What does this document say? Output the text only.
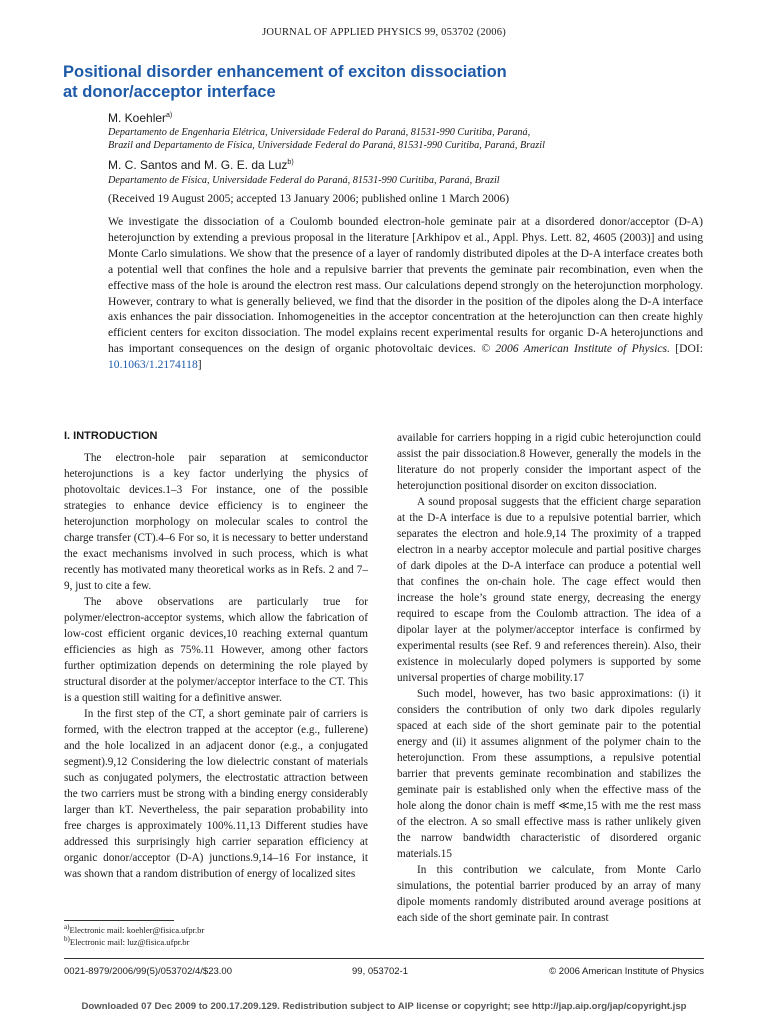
JOURNAL OF APPLIED PHYSICS 99, 053702 (2006)
Positional disorder enhancement of exciton dissociation
at donor/acceptor interface
M. Koehler$^{a)}$
Departamento de Engenharia Elétrica, Universidade Federal do Paraná, 81531-990 Curitiba, Paraná,
Brazil and Departamento de Física, Universidade Federal do Paraná, 81531-990 Curitiba, Paraná, Brazil
M. C. Santos and M. G. E. da Luz$^{b)}$
Departamento de Física, Universidade Federal do Paraná, 81531-990 Curitiba, Paraná, Brazil
(Received 19 August 2005; accepted 13 January 2006; published online 1 March 2006)
We investigate the dissociation of a Coulomb bounded electron-hole geminate pair at a disordered donor/acceptor (D-A) heterojunction by extending a previous proposal in the literature [Arkhipov et al., Appl. Phys. Lett. 82, 4605 (2003)] and using Monte Carlo simulations. We show that the presence of a layer of randomly distributed dipoles at the D-A interface creates both a potential well that confines the hole and a repulsive barrier that prevents the geminate pair recombination, even when the effective mass of the hole is around the electron rest mass. Our calculations depend strongly on the heterojunction morphology. However, contrary to what is generally believed, we find that the disorder in the position of the dipoles along the D-A interface axis enhances the pair dissociation. Inhomogeneities in the acceptor concentration at the heterojunction can then create highly efficient centers for exciton dissociation. The model explains recent experimental results for organic D-A heterojunctions and has important consequences on the design of organic photovoltaic devices. © 2006 American Institute of Physics. [DOI: 10.1063/1.2174118]
I. INTRODUCTION

The electron-hole pair separation at semiconductor heterojunctions is a key factor underlying the physics of photovoltaic devices.1–3 For instance, one of the possible strategies to enhance device efficiency is to engineer the heterojunction morphology on molecular scales to control the charge transfer (CT).4–6 For so, it is necessary to better understand the exact mechanisms involved in such process, which is what recently has motivated many theoretical works as in Refs. 2 and 7–9, just to cite a few.

The above observations are particularly true for polymer/electron-acceptor systems, which allow the fabrication of low-cost efficient organic devices,10 reaching external quantum efficiencies as high as 75%.11 However, among other factors further optimization depends on determining the role played by structural disorder at the polymer/acceptor interface to the CT. This is a question still waiting for a definitive answer.

In the first step of the CT, a short geminate pair of carriers is formed, with the electron trapped at the acceptor (e.g., fullerene) and the hole localized in an adjacent donor (e.g., a conjugated segment).9,12 Considering the low dielectric constant of materials such as conjugated polymers, the electrostatic attraction between the two carriers must be strong with a binding energy considerably larger than kT. Nevertheless, the pair separation probability into free charges is approximately 100%.11,13 Different studies have addressed this surprisingly high carrier separation efficiency at organic donor/acceptor (D-A) junctions.9,14–16 For instance, it was shown that a random distribution of energy of localized sites

available for carriers hopping in a rigid cubic heterojunction could assist the pair dissociation.8 However, generally the models in the literature do not properly consider the important aspect of the heterojunction positional disorder on exciton dissociation.

A sound proposal suggests that the efficient charge separation at the D-A interface is due to a repulsive potential barrier, which separates the electron and hole.9,14 The proximity of a trapped electron in a nearby acceptor molecule and partial positive charges of dark dipoles at the D-A interface can produce a potential well that confines the on-chain hole. The cage effect would then increase the hole’s ground state energy, decreasing the energy required to escape from the Coulomb attraction. The idea of a dipolar layer at the polymer/acceptor interface is confirmed by experimental results (see Ref. 9 and references therein). Also, their existence in molecularly doped polymers is supported by some universal properties of charge mobility.17

Such model, however, has two basic approximations: (i) it considers the contribution of only two dark dipoles regularly spaced at each side of the short geminate pair to the potential energy and (ii) it assumes alignment of the polymer chain to the heterojunction. From these assumptions, a repulsive potential barrier that prevents geminate recombination and stabilizes the geminate pair is established only when the effective mass of the hole along the donor chain is meff ≪me,15 with me the rest mass of the electron. A so small effective mass is rather unlikely given the narrow bandwidth characteristic of disordered organic materials.15

In this contribution we calculate, from Monte Carlo simulations, the potential barrier produced by an array of many dipole moments randomly distributed around average positions at each side of the short geminate pair. In contrast

$^{a)}$Electronic mail: koehler@fisica.ufpr.br
$^{b)}$Electronic mail: luz@fisica.ufpr.br
0021-8979/2006/99(5)/053702/4/$23.00	99, 053702-1	© 2006 American Institute of Physics
Downloaded 07 Dec 2009 to 200.17.209.129. Redistribution subject to AIP license or copyright; see http://jap.aip.org/jap/copyright.jsp
